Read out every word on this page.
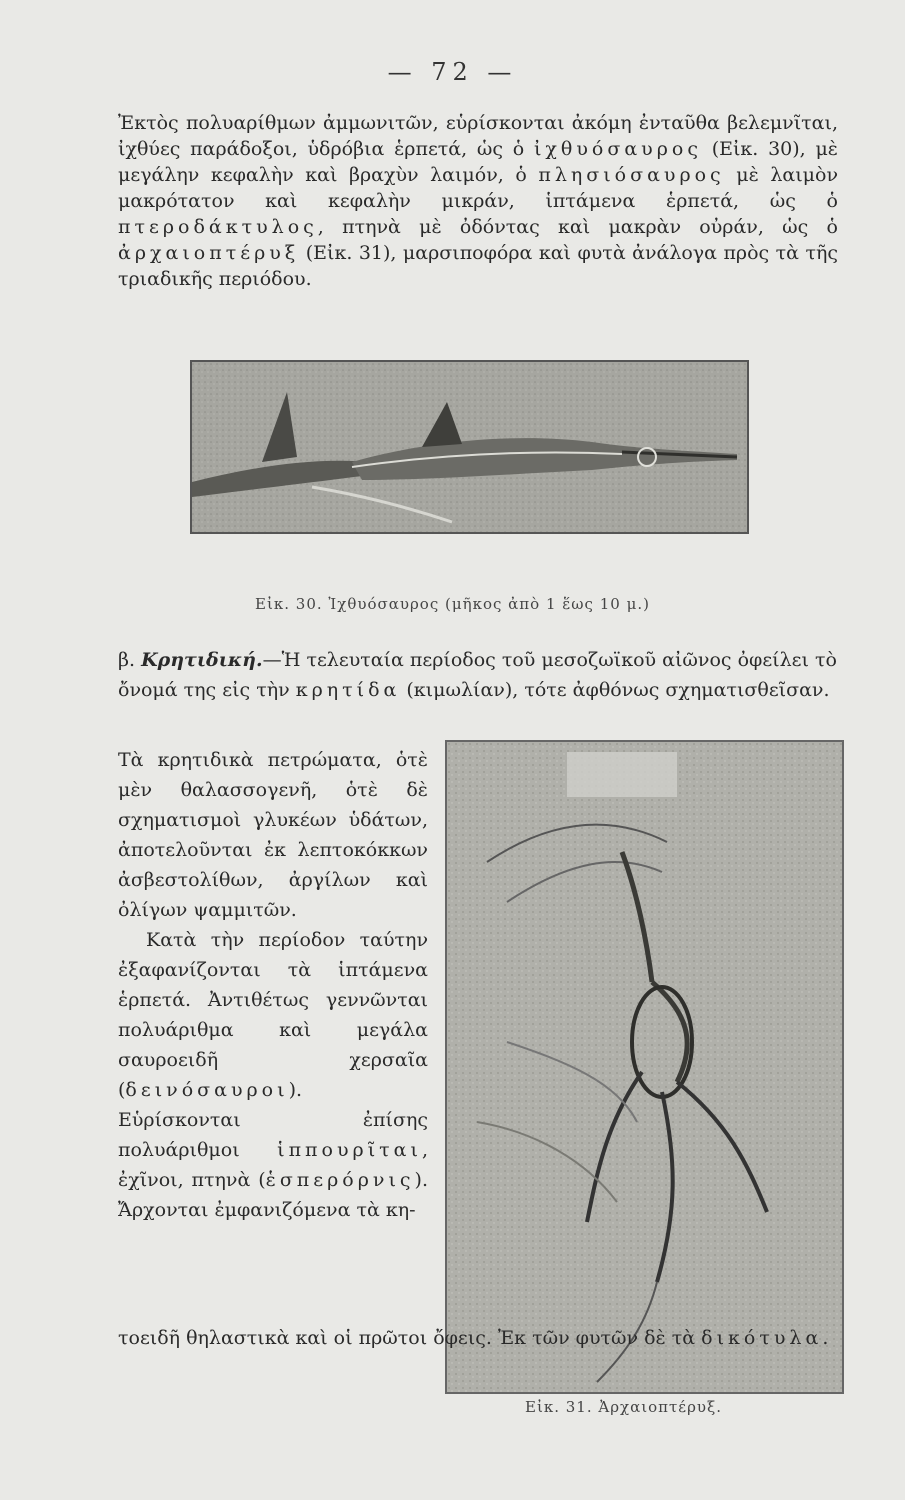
— 72 —

Ἐκτὸς πολυαρίθμων ἀμμωνιτῶν, εὑρίσκονται ἀκόμη ἐνταῦθα βελεμνῖται, ἰχθύες παράδοξοι, ὑδρόβια ἑρπετά, ὡς ὁ ἰχθυόσαυρος (Εἰκ. 30), μὲ μεγάλην κεφαλὴν καὶ βραχὺν λαιμόν, ὁ πλησιόσαυρος μὲ λαιμὸν μακρότατον καὶ κεφαλὴν μικράν, ἱπτάμενα ἑρπετά, ὡς ὁ πτεροδάκτυλος, πτηνὰ μὲ ὀδόντας καὶ μακρὰν οὐράν, ὡς ὁ ἀρχαιοπτέρυξ (Εἰκ. 31), μαρσιποφόρα καὶ φυτὰ ἀνάλογα πρὸς τὰ τῆς τριαδικῆς περιόδου.

Εἰκ. 30. Ἰχθυόσαυρος (μῆκος ἀπὸ 1 ἕως 10 μ.)

β. Κρητιδική.—Ἡ τελευταία περίοδος τοῦ μεσοζωϊκοῦ αἰῶνος ὀφείλει τὸ ὄνομά της εἰς τὴν κρητίδα (κιμωλίαν), τότε ἀφθόνως σχηματισθεῖσαν.

Τὰ κρητιδικὰ πετρώματα, ὁτὲ μὲν θαλασσογενῆ, ὁτὲ δὲ σχηματισμοὶ γλυκέων ὑδάτων, ἀποτελοῦνται ἐκ λεπτοκόκκων ἀσβεστολίθων, ἀργίλων καὶ ὀλίγων ψαμμιτῶν.

Κατὰ τὴν περίοδον ταύτην ἐξαφανίζονται τὰ ἱπτάμενα ἑρπετά. Ἀντιθέτως γεννῶνται πολυάριθμα καὶ μεγάλα σαυροειδῆ χερσαῖα (δεινόσαυροι). Εὑρίσκονται ἐπίσης πολυάριθμοι ἱππουρῖται, ἐχῖνοι, πτηνὰ (ἑσπερόρνις). Ἄρχονται ἐμφανιζόμενα τὰ κη-

Εἰκ. 31. Ἀρχαιοπτέρυξ.

τοειδῆ θηλαστικὰ καὶ οἱ πρῶτοι ὄφεις. Ἐκ τῶν φυτῶν δὲ τὰ δικότυλα.
